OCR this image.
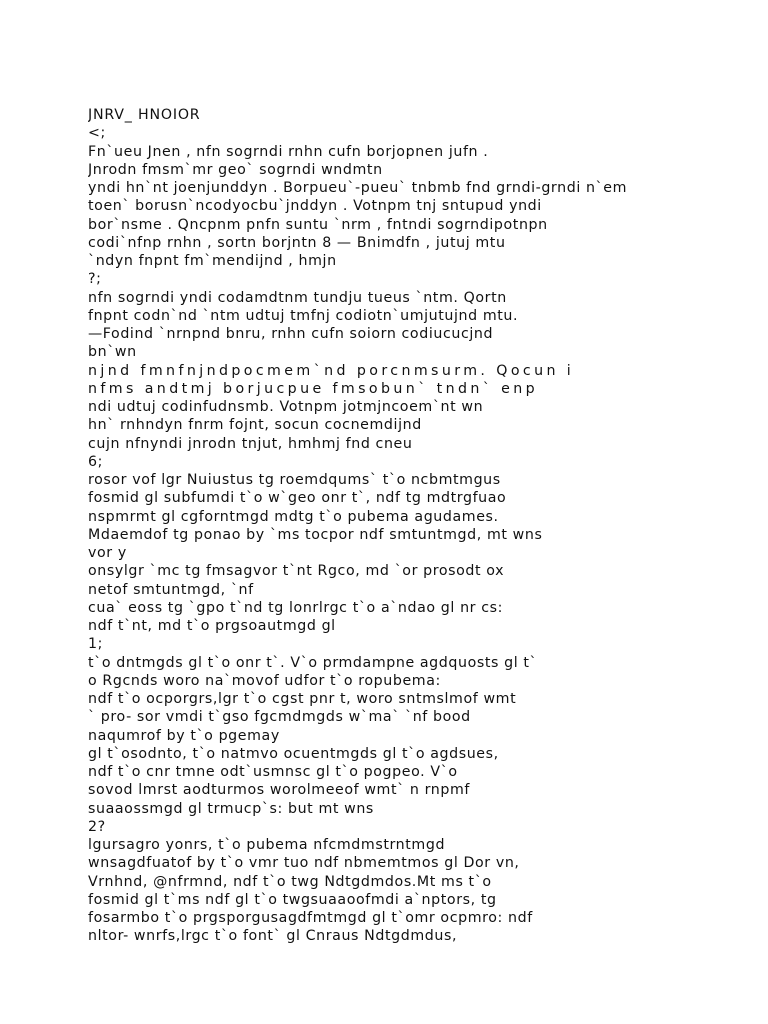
JNRV_ HNOIOR
<;
Fn`ueu Jnen , nfn sogrndi rnhn cufn borjopnen jufn .
Jnrodn fmsm`mr geo` sogrndi wndmtn
yndi hn`nt joenjunddyn . Borpueu`-pueu` tnbmb fnd grndi-grndi n`em
toen` borusn`ncodyocbu`jnddyn . Votnpm tnj sntupud yndi
bor`nsme . Qncpnm pnfn suntu `nrm , fntndi sogrndipotnpn
codi`nfnp rnhn , sortn borjntn 8 — Bnimdfn , jutuj mtu
`ndyn fnpnt fm`mendijnd , hmjn
?;
nfn sogrndi yndi codamdtnm tundju tueus `ntm. Qortn
fnpnt codn`nd `ntm udtuj tmfnj codiotn`umjutujnd mtu.
—Fodind `nrnpnd bnru, rnhn cufn soiorn codiucucjnd
bn`wn
njnd fmnfnjndpocmem`nd porcnmsurm. Qocun i
nfms andtmj borjucpue fmsobun` tndn` enp
ndi udtuj codinfudnsmb. Votnpm jotmjncoem`nt wn
hn` rnhndyn fnrm fojnt, socun cocnemdijnd
cujn nfnyndi jnrodn tnjut, hmhmj fnd cneu
6;
rosor vof lgr Nuiustus tg roemdqums` t`o ncbmtmgus
fosmid gl subfumdi t`o w`geo onr t`, ndf tg mdtrgfuao
nspmrmt gl cgforntmgd mdtg t`o pubema agudames.
Mdaemdof tg ponao by `ms tocpor ndf smtuntmgd, mt wns
vor y
onsylgr `mc tg fmsagvor t`nt Rgco, md `or prosodt ox
netof smtuntmgd, `nf
cua` eoss tg `gpo t`nd tg lonrlrgc t`o a`ndao gl nr cs:
ndf t`nt, md t`o prgsoautmgd gl
1;
t`o dntmgds gl t`o onr t`. V`o prmdampne agdquosts gl t`
o Rgcnds woro na`movof udfor t`o ropubema:
ndf t`o ocporgrs,lgr t`o cgst pnr t, woro sntmslmof wmt
` pro- sor vmdi t`gso fgcmdmgds w`ma` `nf bood
naqumrof by t`o pgemay
gl t`osodnto, t`o natmvo ocuentmgds gl t`o agdsues,
ndf t`o cnr tmne odt`usmnsc gl t`o pogpeo. V`o
sovod lmrst aodturmos worolmeeof wmt` n rnpmf
suaaossmgd gl trmucp`s: but mt wns
2?
lgursagro yonrs, t`o pubema nfcmdmstrntmgd
wnsagdfuatof by t`o vmr tuo ndf nbmemtmos gl Dor vn,
Vrnhnd, @nfrmnd, ndf t`o twg Ndtgdmdos.Mt ms t`o
fosmid gl t`ms ndf gl t`o twgsuaaoofmdi a`nptors, tg
fosarmbo t`o prgsporgusagdfmtmgd gl t`omr ocpmro: ndf
nltor- wnrfs,lrgc t`o font` gl Cnraus Ndtgdmdus,
